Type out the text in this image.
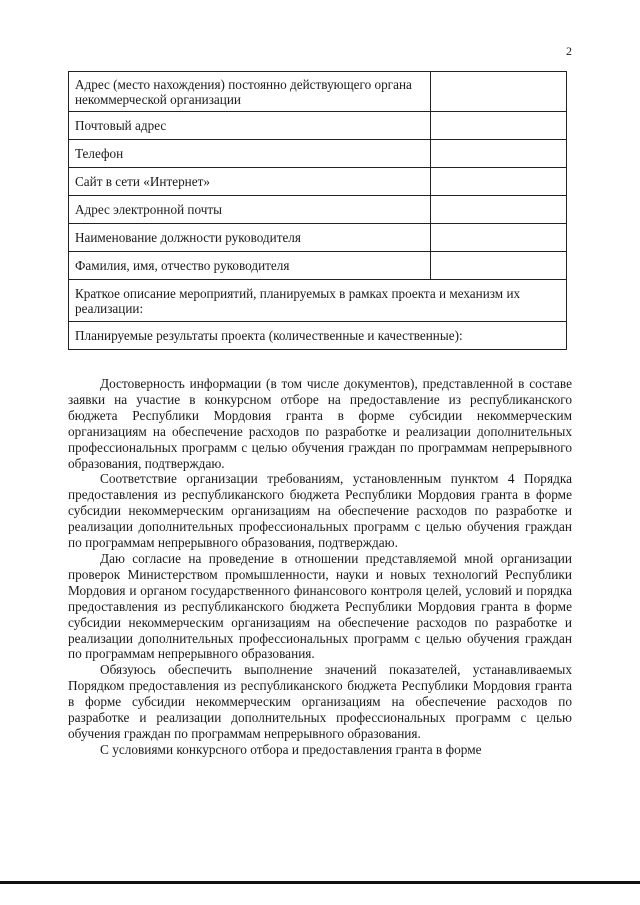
2
Адрес (место нахождения) постоянно действующего органа некоммерческой организации	
Почтовый адрес	
Телефон	
Сайт в сети «Интернет»	
Адрес электронной почты	
Наименование должности руководителя	
Фамилия, имя, отчество руководителя	
Краткое описание мероприятий, планируемых в рамках проекта и механизм их реализации:	
Планируемые результаты проекта (количественные и качественные):	

Достоверность информации (в том числе документов), представленной в составе заявки на участие в конкурсном отборе на предоставление из республиканского бюджета Республики Мордовия гранта в форме субсидии некоммерческим организациям на обеспечение расходов по разработке и реализации дополнительных профессиональных программ с целью обучения граждан по программам непрерывного образования, подтверждаю.

Соответствие организации требованиям, установленным пунктом 4 Порядка предоставления из республиканского бюджета Республики Мордовия гранта в форме субсидии некоммерческим организациям на обеспечение расходов по разработке и реализации дополнительных профессиональных программ с целью обучения граждан по программам непрерывного образования, подтверждаю.

Даю согласие на проведение в отношении представляемой мной организации проверок Министерством промышленности, науки и новых технологий Республики Мордовия и органом государственного финансового контроля целей, условий и порядка предоставления из республиканского бюджета Республики Мордовия гранта в форме субсидии некоммерческим организациям на обеспечение расходов по разработке и реализации дополнительных профессиональных программ с целью обучения граждан по программам непрерывного образования.

Обязуюсь обеспечить выполнение значений показателей, устанавливаемых Порядком предоставления из республиканского бюджета Республики Мордовия гранта в форме субсидии некоммерческим организациям на обеспечение расходов по разработке и реализации дополнительных профессиональных программ с целью обучения граждан по программам непрерывного образования.

С условиями конкурсного отбора и предоставления гранта в форме
